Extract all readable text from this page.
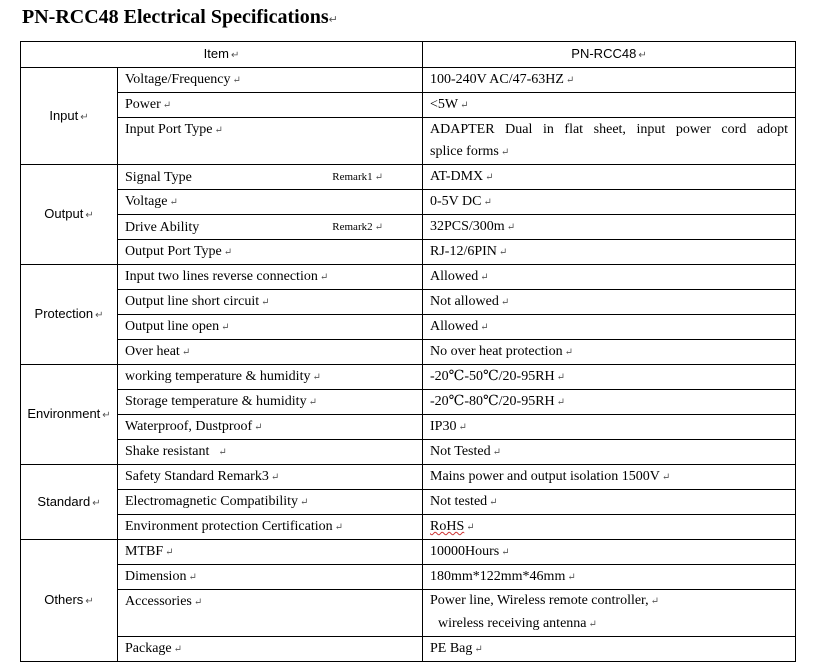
PN-RCC48 Electrical Specifications↵
Item ↵		PN-RCC48 ↵
Input ↵	Voltage/Frequency ↵	100-240V AC/47-63HZ ↵
	Power ↵	<5W ↵
	Input Port Type ↵	ADAPTER Dual in flat sheet, input power cord adopt
splice forms ↵

Output ↵	Signal Type Remark1 ↵	AT-DMX ↵
	Voltage ↵	0-5V DC ↵
	Drive Ability Remark2 ↵	32PCS/300m ↵
	Output Port Type ↵	RJ-12/6PIN ↵
Protection ↵	Input two lines reverse connection ↵	Allowed ↵
	Output line short circuit ↵	Not allowed ↵
	Output line open ↵	Allowed ↵
	Over heat ↵	No over heat protection ↵
Environment ↵	working temperature & humidity ↵	-20℃-50℃/20-95RH ↵
	Storage temperature & humidity ↵	-20℃-80℃/20-95RH ↵
	Waterproof, Dustproof ↵	IP30 ↵
	Shake resistant ↵	Not Tested ↵
Standard ↵	Safety Standard Remark3 ↵	Mains power and output isolation 1500V ↵
	Electromagnetic Compatibility ↵	Not tested ↵
	Environment protection Certification ↵	RoHS ↵
Others ↵	MTBF ↵	10000Hours ↵
	Dimension ↵	180mm*122mm*46mm ↵
	Accessories ↵	Power line, Wireless remote controller, ↵
wireless receiving antenna ↵

	Package ↵	PE Bag ↵
